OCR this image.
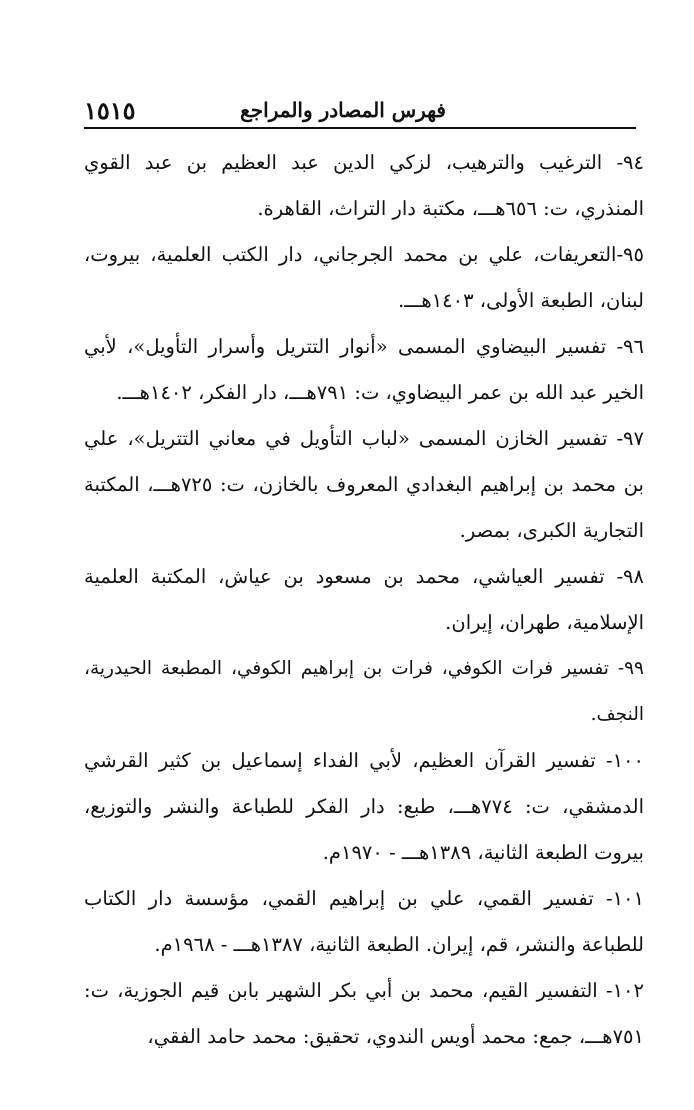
١٥١٥	فهرس المصادر والمراجع

٩٤- الترغيب والترهيب، لزكي الدين عبد العظيم بن عبد القوي المنذري، ت: ٦٥٦هـــ، مكتبة دار التراث، القاهرة.

٩٥-التعريفات، علي بن محمد الجرجاني، دار الكتب العلمية، بيروت، لبنان، الطبعة الأولى، ١٤٠٣هـــ.

٩٦- تفسير البيضاوي المسمى «أنوار التتريل وأسرار التأويل»، لأبي الخير عبد الله بن عمر البيضاوي، ت: ٧٩١هـــ، دار الفكر، ١٤٠٢هـــ.

٩٧- تفسير الخازن المسمى «لباب التأويل في معاني التتريل»، علي بن محمد بن إبراهيم البغدادي المعروف بالخازن، ت: ٧٢٥هـــ، المكتبة التجارية الكبرى، بمصر.

٩٨- تفسير العياشي، محمد بن مسعود بن عياش، المكتبة العلمية الإسلامية، طهران، إيران.

٩٩- تفسير فرات الكوفي، فرات بن إبراهيم الكوفي، المطبعة الحيدرية، النجف.

١٠٠- تفسير القرآن العظيم، لأبي الفداء إسماعيل بن كثير القرشي الدمشقي، ت: ٧٧٤هـــ، طبع: دار الفكر للطباعة والنشر والتوزيع، بيروت الطبعة الثانية، ١٣٨٩هـــ - ١٩٧٠م.

١٠١- تفسير القمي، علي بن إبراهيم القمي، مؤسسة دار الكتاب للطباعة والنشر، قم، إيران. الطبعة الثانية، ١٣٨٧هـــ - ١٩٦٨م.

١٠٢- التفسير القيم، محمد بن أبي بكر الشهير بابن قيم الجوزية، ت: ٧٥١هـــ، جمع: محمد أويس الندوي، تحقيق: محمد حامد الفقي،
